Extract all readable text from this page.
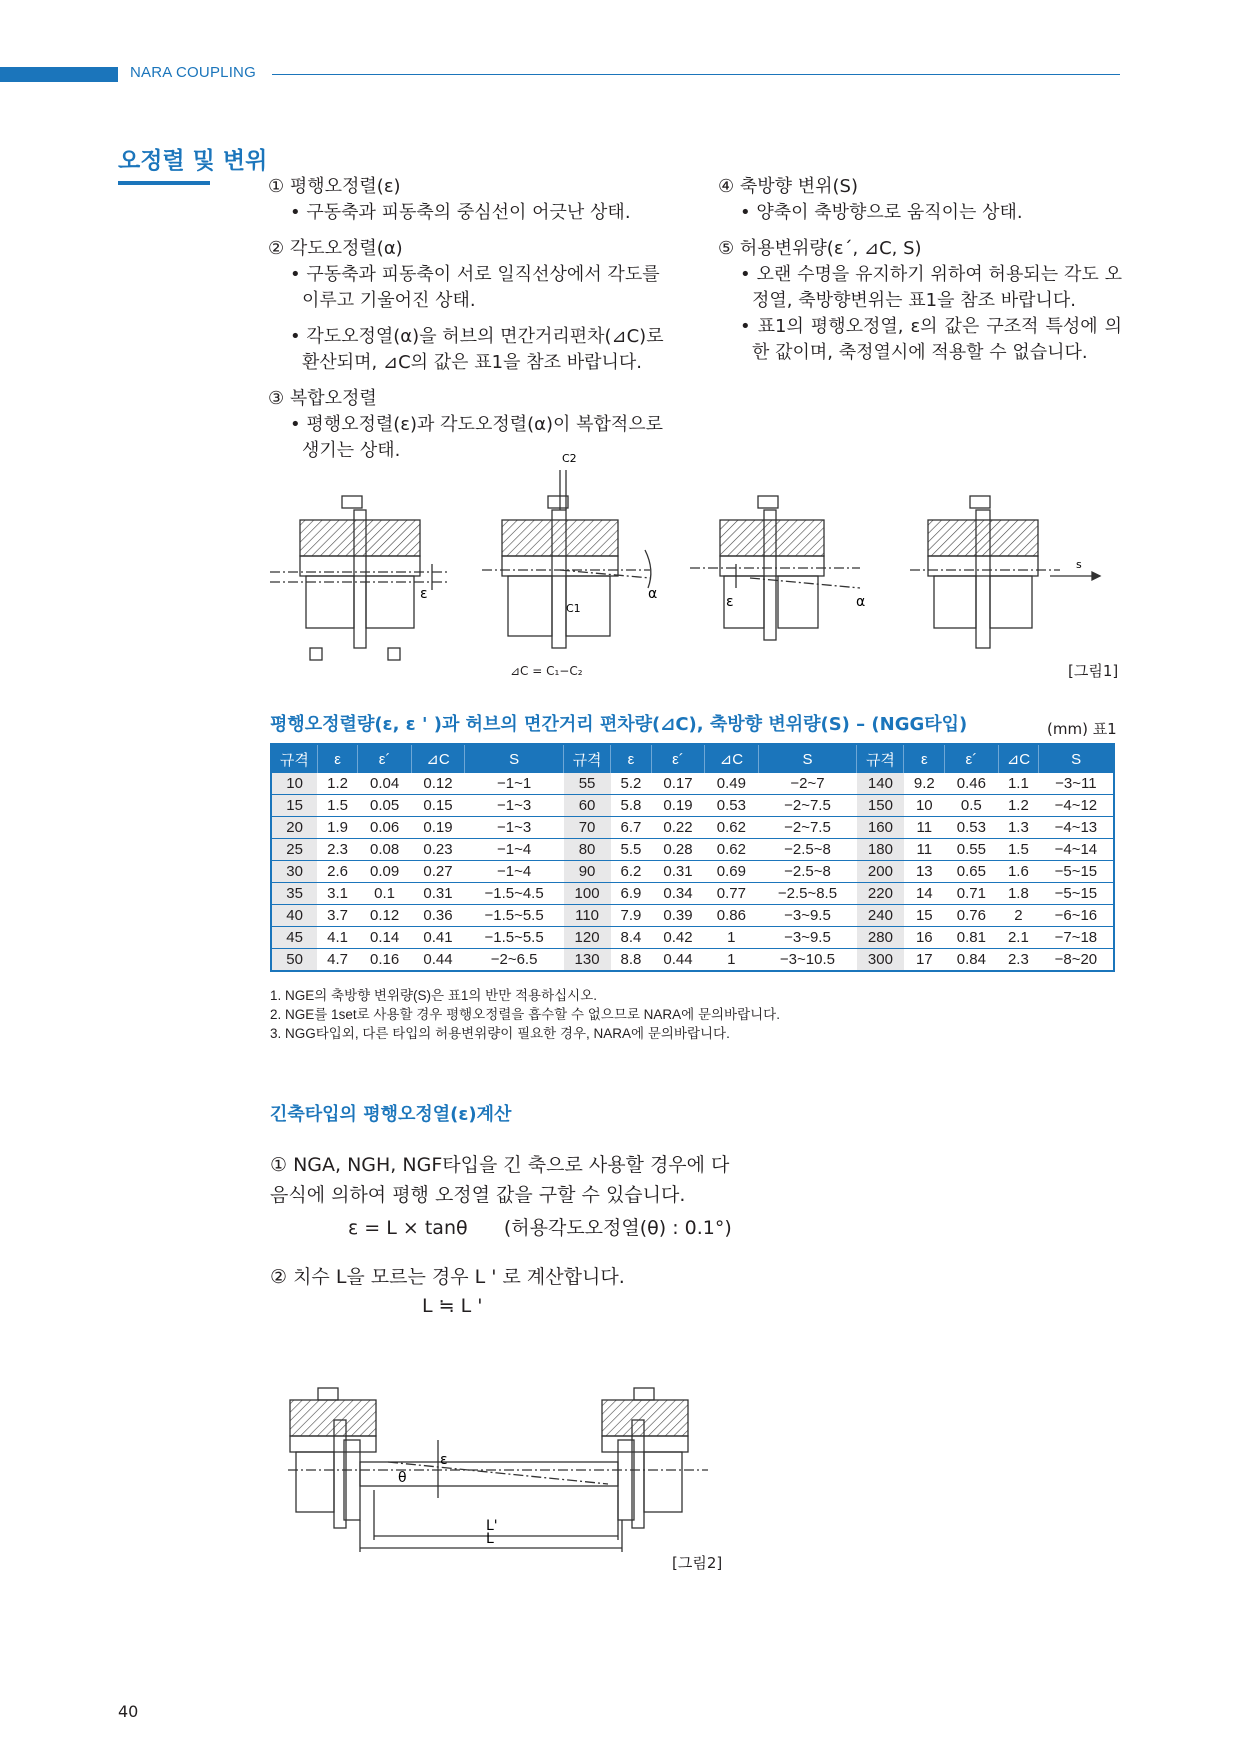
NARA COUPLING
오정렬 및 변위

① 평행오정렬(ε)

• 구동축과 피동축의 중심선이 어긋난 상태.

② 각도오정렬(α)

• 구동축과 피동축이 서로 일직선상에서 각도를 이루고 기울어진 상태.

• 각도오정열(α)을 허브의 면간거리편차(⊿C)로 환산되며, ⊿C의 값은 표1을 참조 바랍니다.

③ 복합오정렬

• 평행오정렬(ε)과 각도오정렬(α)이 복합적으로 생기는 상태.

④ 축방향 변위(S)

• 양축이 축방향으로 움직이는 상태.

⑤ 허용변위량(ε´, ⊿C, S)

• 오랜 수명을 유지하기 위하여 허용되는 각도 오정열, 축방향변위는 표1을 참조 바랍니다.

• 표1의 평행오정열, ε의 값은 구조적 특성에 의한 값이며, 축정열시에 적용할 수 없습니다.

ε
C2
C1
α	ε	α
s
⊿C = C₁−C₂	[그림1]
평행오정렬량(ε, ε ' )과 허브의 면간거리 편차량(⊿C), 축방향 변위량(S) – (NGG타입)	(mm) 표1
규격	ε	ε´	⊿C	S	규격	ε	ε´	⊿C	S	규격	ε	ε´	⊿C	S
10	1.2	0.04	0.12	−1~1	55	5.2	0.17	0.49	−2~7	140	9.2	0.46	1.1	−3~11
15	1.5	0.05	0.15	−1~3	60	5.8	0.19	0.53	−2~7.5	150	10	0.5	1.2	−4~12
20	1.9	0.06	0.19	−1~3	70	6.7	0.22	0.62	−2~7.5	160	11	0.53	1.3	−4~13
25	2.3	0.08	0.23	−1~4	80	5.5	0.28	0.62	−2.5~8	180	11	0.55	1.5	−4~14
30	2.6	0.09	0.27	−1~4	90	6.2	0.31	0.69	−2.5~8	200	13	0.65	1.6	−5~15
35	3.1	0.1	0.31	−1.5~4.5	100	6.9	0.34	0.77	−2.5~8.5	220	14	0.71	1.8	−5~15
40	3.7	0.12	0.36	−1.5~5.5	110	7.9	0.39	0.86	−3~9.5	240	15	0.76	2	−6~16
45	4.1	0.14	0.41	−1.5~5.5	120	8.4	0.42	1	−3~9.5	280	16	0.81	2.1	−7~18
50	4.7	0.16	0.44	−2~6.5	130	8.8	0.44	1	−3~10.5	300	17	0.84	2.3	−8~20
1. NGE의 축방향 변위량(S)은 표1의 반만 적용하십시오.
2. NGE를 1set로 사용할 경우 평행오정렬을 흡수할 수 없으므로 NARA에 문의바랍니다.
3. NGG타입외, 다른 타입의 허용변위량이 필요한 경우, NARA에 문의바랍니다.
긴축타입의 평행오정열(ε)계산
① NGA, NGH, NGF타입을 긴 축으로 사용할 경우에 다음식에 의하여 평행 오정열 값을 구할 수 있습니다.
ε = L × tanθ      (허용각도오정열(θ) : 0.1°)
② 치수 L을 모르는 경우 L ' 로 계산합니다.
L ≒ L '
ε
θ
L'
L
[그림2]
40
